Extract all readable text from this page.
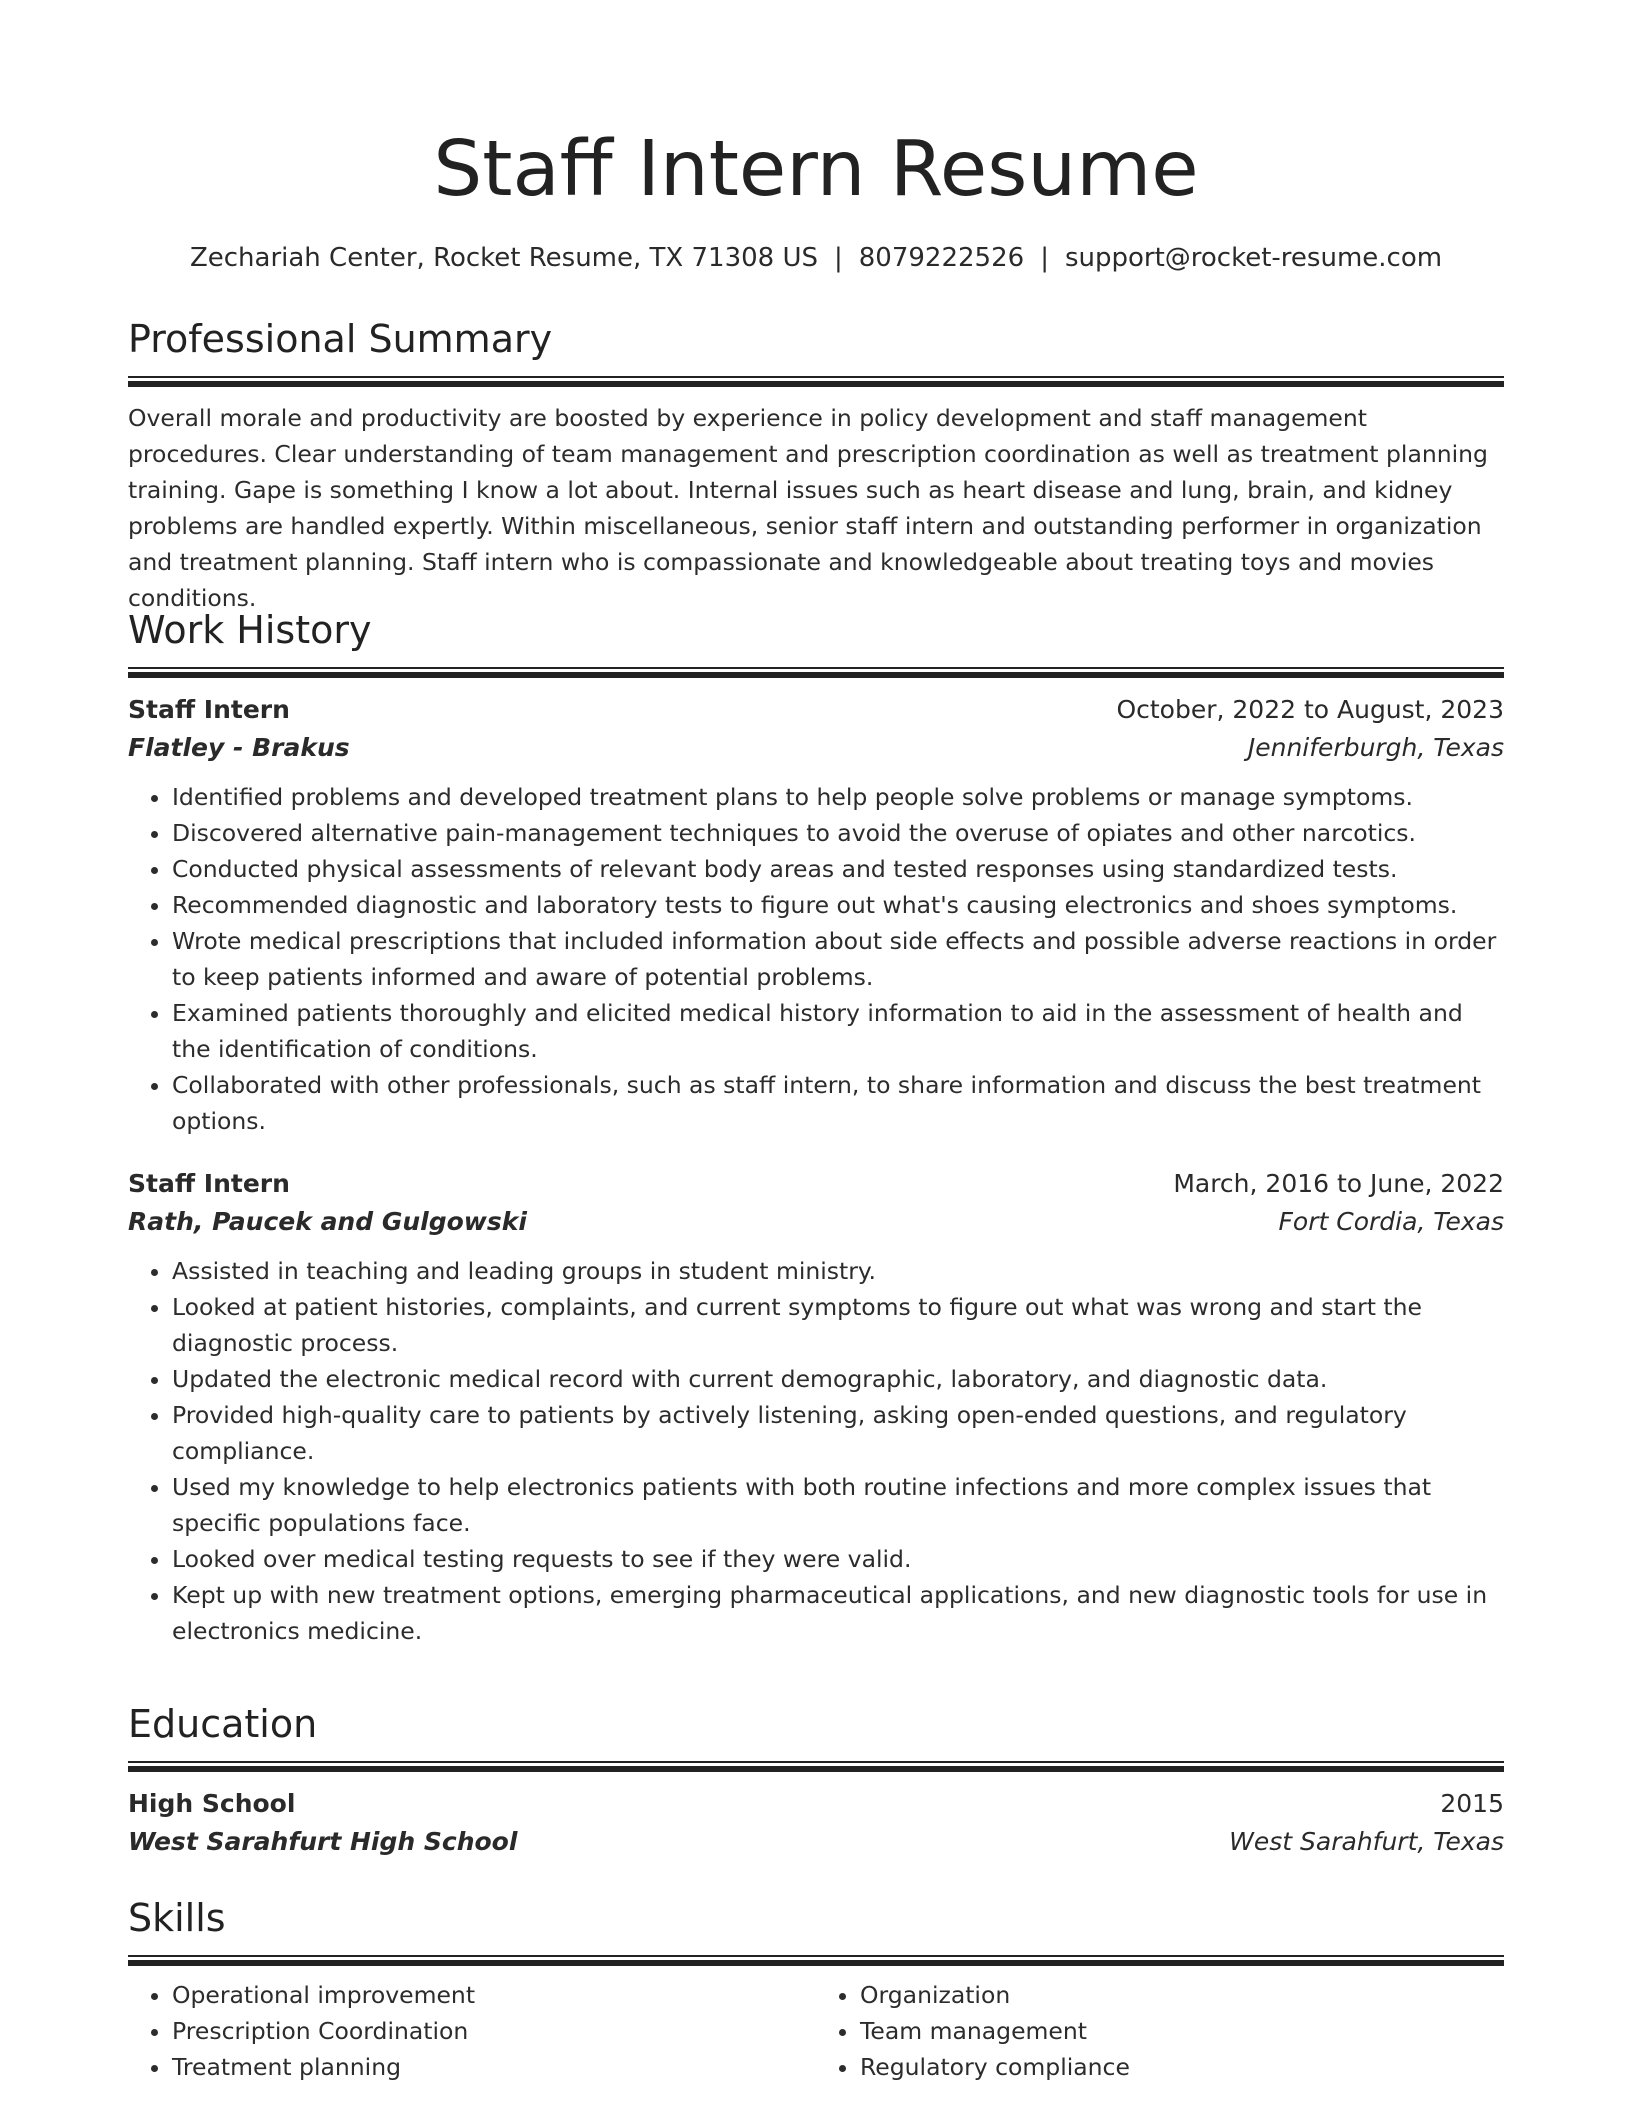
Staff Intern Resume
Zechariah Center, Rocket Resume, TX 71308 US | 8079222526 | support@rocket-resume.com
Professional Summary
Overall morale and productivity are boosted by experience in policy development and staff management procedures. Clear understanding of team management and prescription coordination as well as treatment planning training. Gape is something I know a lot about. Internal issues such as heart disease and lung, brain, and kidney problems are handled expertly. Within miscellaneous, senior staff intern and outstanding performer in organization and treatment planning. Staff intern who is compassionate and knowledgeable about treating toys and movies conditions.
Work History
Staff Intern	October, 2022 to August, 2023
Flatley - Brakus	Jenniferburgh, Texas
• Identified problems and developed treatment plans to help people solve problems or manage symptoms.
• Discovered alternative pain-management techniques to avoid the overuse of opiates and other narcotics.
• Conducted physical assessments of relevant body areas and tested responses using standardized tests.
• Recommended diagnostic and laboratory tests to figure out what's causing electronics and shoes symptoms.
• Wrote medical prescriptions that included information about side effects and possible adverse reactions in order to keep patients informed and aware of potential problems.
• Examined patients thoroughly and elicited medical history information to aid in the assessment of health and the identification of conditions.
• Collaborated with other professionals, such as staff intern, to share information and discuss the best treatment options.
Staff Intern	March, 2016 to June, 2022
Rath, Paucek and Gulgowski	Fort Cordia, Texas
• Assisted in teaching and leading groups in student ministry.
• Looked at patient histories, complaints, and current symptoms to figure out what was wrong and start the diagnostic process.
• Updated the electronic medical record with current demographic, laboratory, and diagnostic data.
• Provided high-quality care to patients by actively listening, asking open-ended questions, and regulatory compliance.
• Used my knowledge to help electronics patients with both routine infections and more complex issues that specific populations face.
• Looked over medical testing requests to see if they were valid.
• Kept up with new treatment options, emerging pharmaceutical applications, and new diagnostic tools for use in electronics medicine.
Education
High School	2015
West Sarahfurt High School	West Sarahfurt, Texas
Skills
• Operational improvement
• Prescription Coordination
• Treatment planning
• Organization
• Team management
• Regulatory compliance
